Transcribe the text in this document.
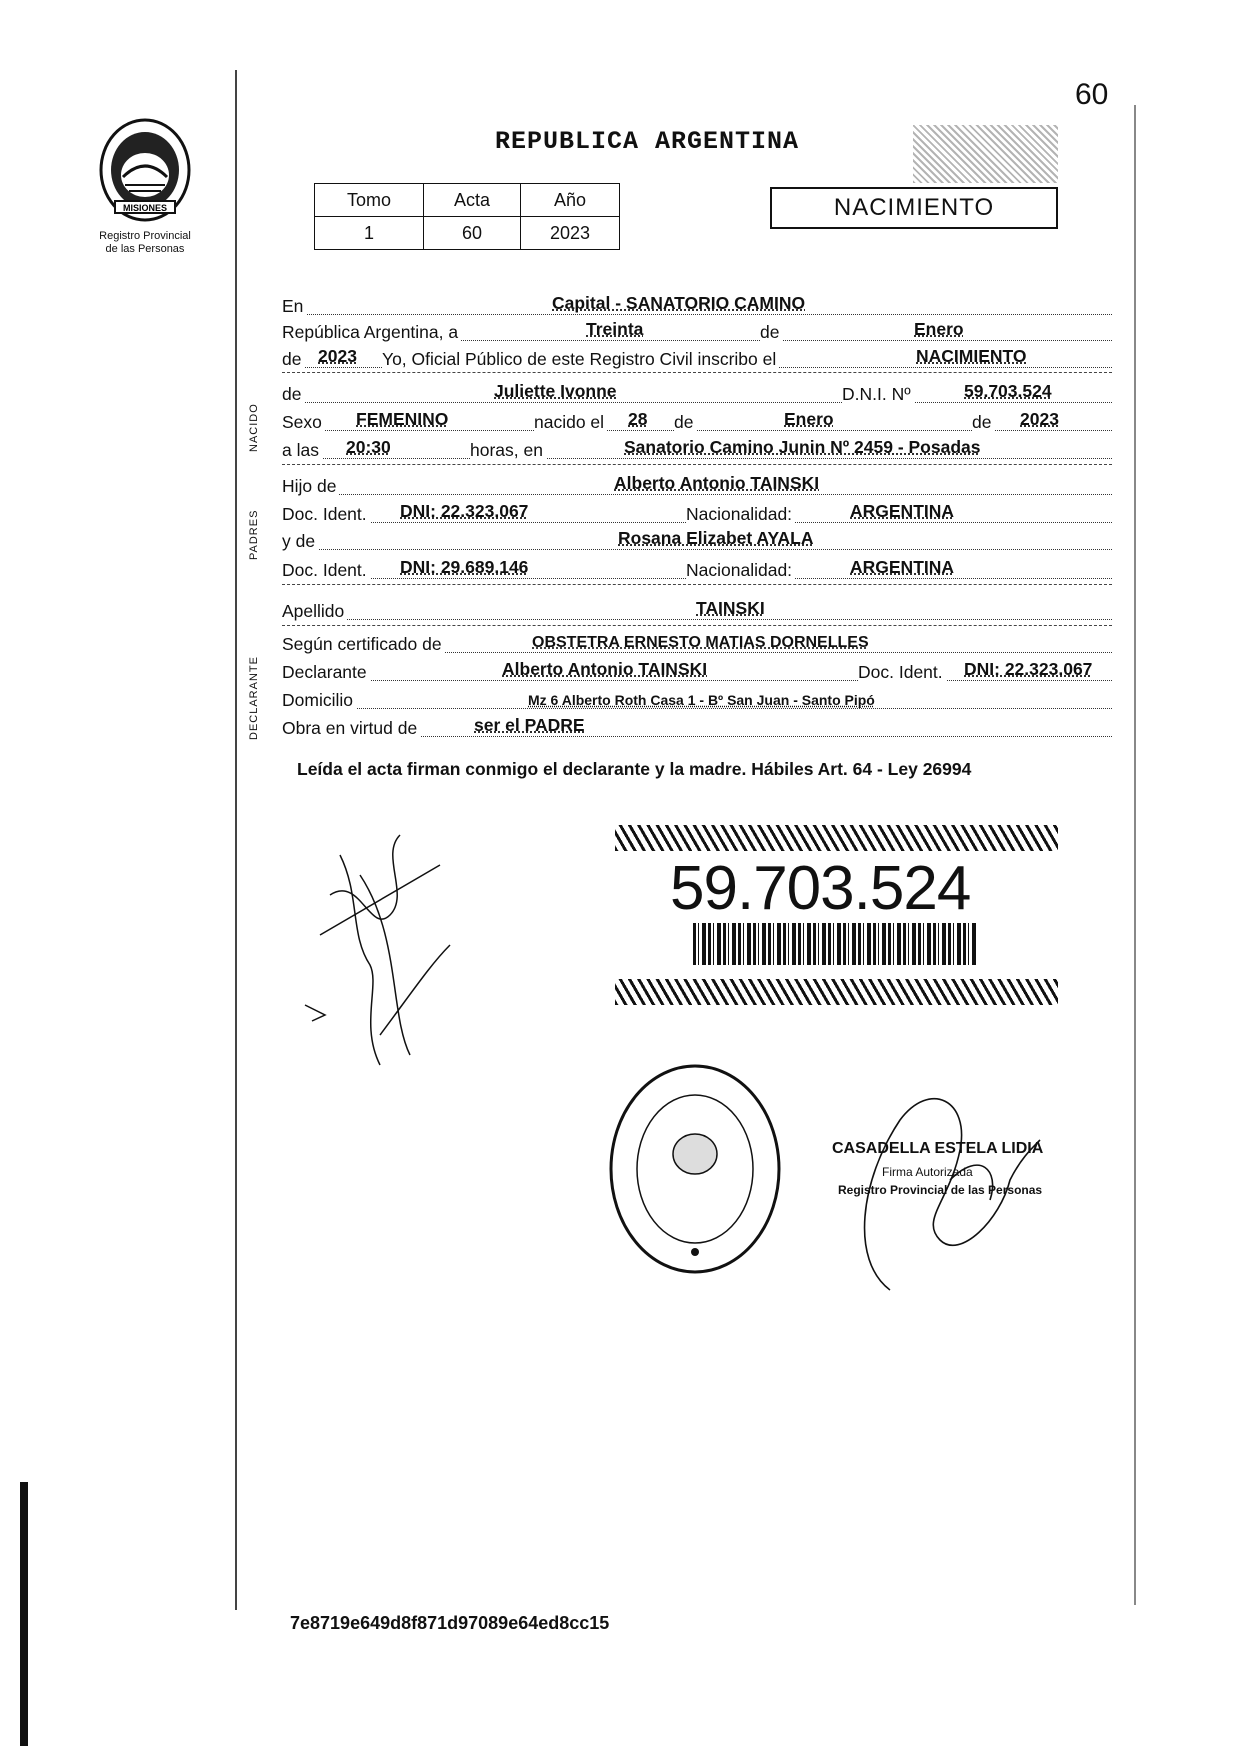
60
REPUBLICA ARGENTINA
MISIONES
Registro Provincial
de las Personas
Tomo	Acta	Año
1	60	2023
NACIMIENTO
NACIDO
PADRES
DECLARANTE
En	Capital - SANATORIO CAMINO
República Argentina, a	Treinta	de	Enero
de 2023 Yo, Oficial Público de este Registro Civil inscribo el	NACIMIENTO
de	Juliette Ivonne	D.N.I. Nº	59.703.524
Sexo FEMENINO	nacido el 28 de	Enero	de 2023
a las 20:30	horas, en	Sanatorio Camino Junin Nº 2459 - Posadas
Hijo de	Alberto Antonio TAINSKI
Doc. Ident. DNI: 22.323.067	Nacionalidad:	ARGENTINA
y de	Rosana Elizabet AYALA
Doc. Ident. DNI: 29.689.146	Nacionalidad:	ARGENTINA
Apellido	TAINSKI
Según certificado de	OBSTETRA ERNESTO MATIAS DORNELLES
Declarante	Alberto Antonio TAINSKI	Doc. Ident. DNI: 22.323.067
Domicilio	Mz 6 Alberto Roth Casa 1 - Bº San Juan - Santo Pipó
Obra en virtud de	ser el PADRE
Leída el acta firman conmigo el declarante y la madre. Hábiles Art. 64 - Ley 26994
59.703.524
CASADELLA ESTELA LIDIA
Firma Autorizada
Registro Provincial de las Personas
7e8719e649d8f871d97089e64ed8cc15
